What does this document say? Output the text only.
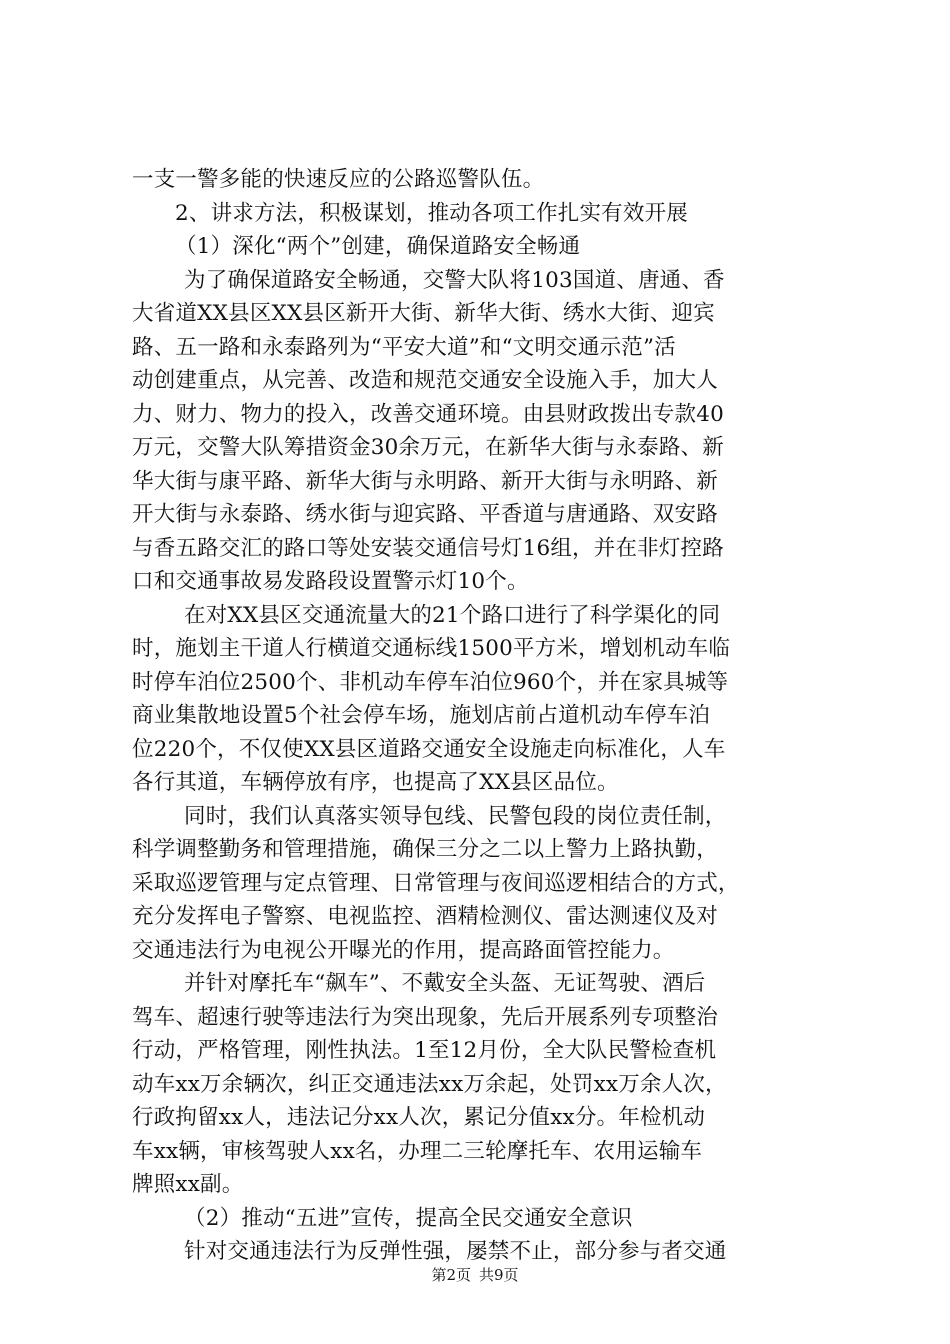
一支一警多能的快速反应的公路巡警队伍。
2、讲求方法，积极谋划，推动各项工作扎实有效开展
（1）深化“两个”创建，确保道路安全畅通
为了确保道路安全畅通，交警大队将103国道、唐通、香
大省道XX县区XX县区新开大街、新华大街、绣水大街、迎宾
路、五一路和永泰路列为“平安大道”和“文明交通示范”活
动创建重点，从完善、改造和规范交通安全设施入手，加大人
力、财力、物力的投入，改善交通环境。由县财政拨出专款40
万元，交警大队筹措资金30余万元，在新华大街与永泰路、新
华大街与康平路、新华大街与永明路、新开大街与永明路、新
开大街与永泰路、绣水街与迎宾路、平香道与唐通路、双安路
与香五路交汇的路口等处安装交通信号灯16组，并在非灯控路
口和交通事故易发路段设置警示灯10个。
在对XX县区交通流量大的21个路口进行了科学渠化的同
时，施划主干道人行横道交通标线1500平方米，增划机动车临
时停车泊位2500个、非机动车停车泊位960个，并在家具城等
商业集散地设置5个社会停车场，施划店前占道机动车停车泊
位220个，不仅使XX县区道路交通安全设施走向标准化，人车
各行其道，车辆停放有序，也提高了XX县区品位。
同时，我们认真落实领导包线、民警包段的岗位责任制，
科学调整勤务和管理措施，确保三分之二以上警力上路执勤，
采取巡逻管理与定点管理、日常管理与夜间巡逻相结合的方式，
充分发挥电子警察、电视监控、酒精检测仪、雷达测速仪及对
交通违法行为电视公开曝光的作用，提高路面管控能力。
并针对摩托车“飙车”、不戴安全头盔、无证驾驶、酒后
驾车、超速行驶等违法行为突出现象，先后开展系列专项整治
行动，严格管理，刚性执法。1至12月份，全大队民警检查机
动车xx万余辆次，纠正交通违法xx万余起，处罚xx万余人次，
行政拘留xx人，违法记分xx人次，累记分值xx分。年检机动
车xx辆，审核驾驶人xx名，办理二三轮摩托车、农用运输车
牌照xx副。
（2）推动“五进”宣传，提高全民交通安全意识
针对交通违法行为反弹性强，屡禁不止，部分参与者交通
第2页 共9页
